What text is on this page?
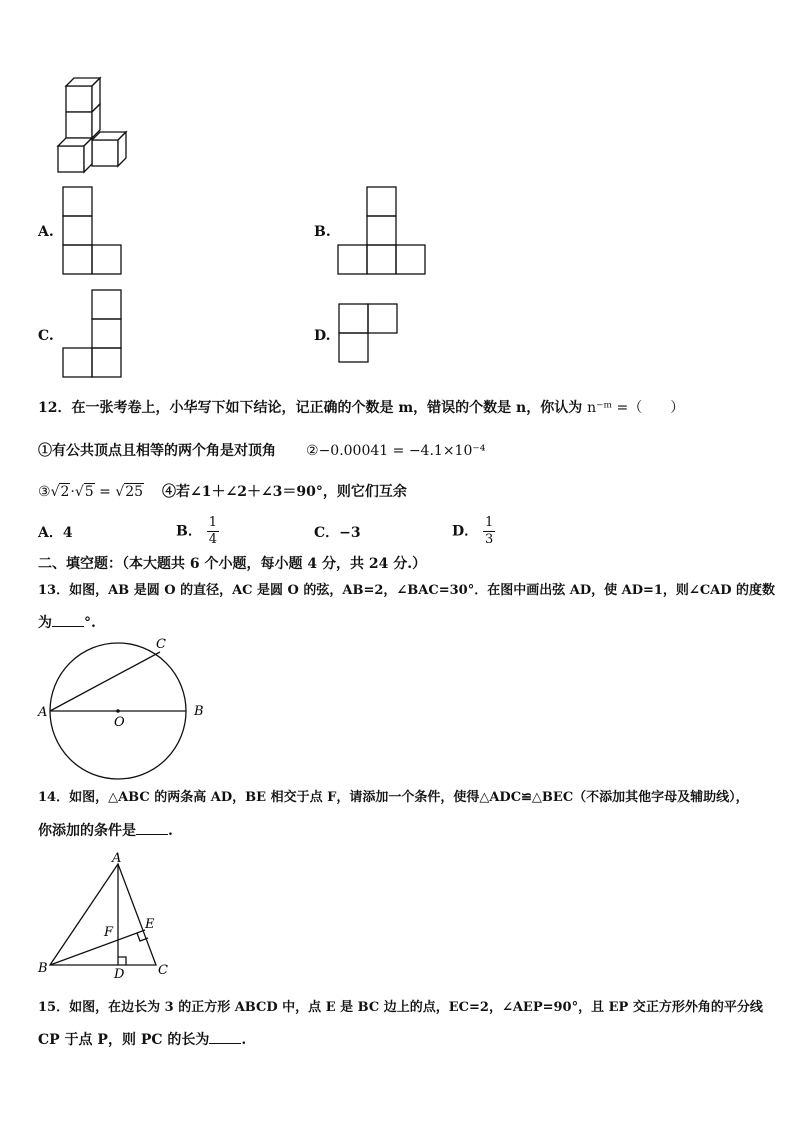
A.	B.
C.	D.
12．在一张考卷上，小华写下如下结论，记正确的个数是 m，错误的个数是 n，你认为 n⁻ᵐ =（　　）
①有公共顶点且相等的两个角是对顶角 ②−0.00041 = −4.1×10⁻⁴
③√2·√5 = √25 ④若∠1＋∠2＋∠3＝90°，则它们互余
A．4	B． $\frac{1}{4}$	C．−3	D． $\frac{1}{3}$
二、填空题：（本大题共 6 个小题，每小题 4 分，共 24 分.）
13．如图，AB 是圆 O 的直径，AC 是圆 O 的弦，AB=2，∠BAC=30°．在图中画出弦 AD，使 AD=1，则∠CAD 的度数
为 °.
A	B
C
O
14．如图，△ABC 的两条高 AD，BE 相交于点 F，请添加一个条件，使得△ADC≌△BEC（不添加其他字母及辅助线），
你添加的条件是 .
A
B	C
D
E
F
15．如图，在边长为 3 的正方形 ABCD 中，点 E 是 BC 边上的点，EC=2，∠AEP=90°，且 EP 交正方形外角的平分线
CP 于点 P，则 PC 的长为 .
